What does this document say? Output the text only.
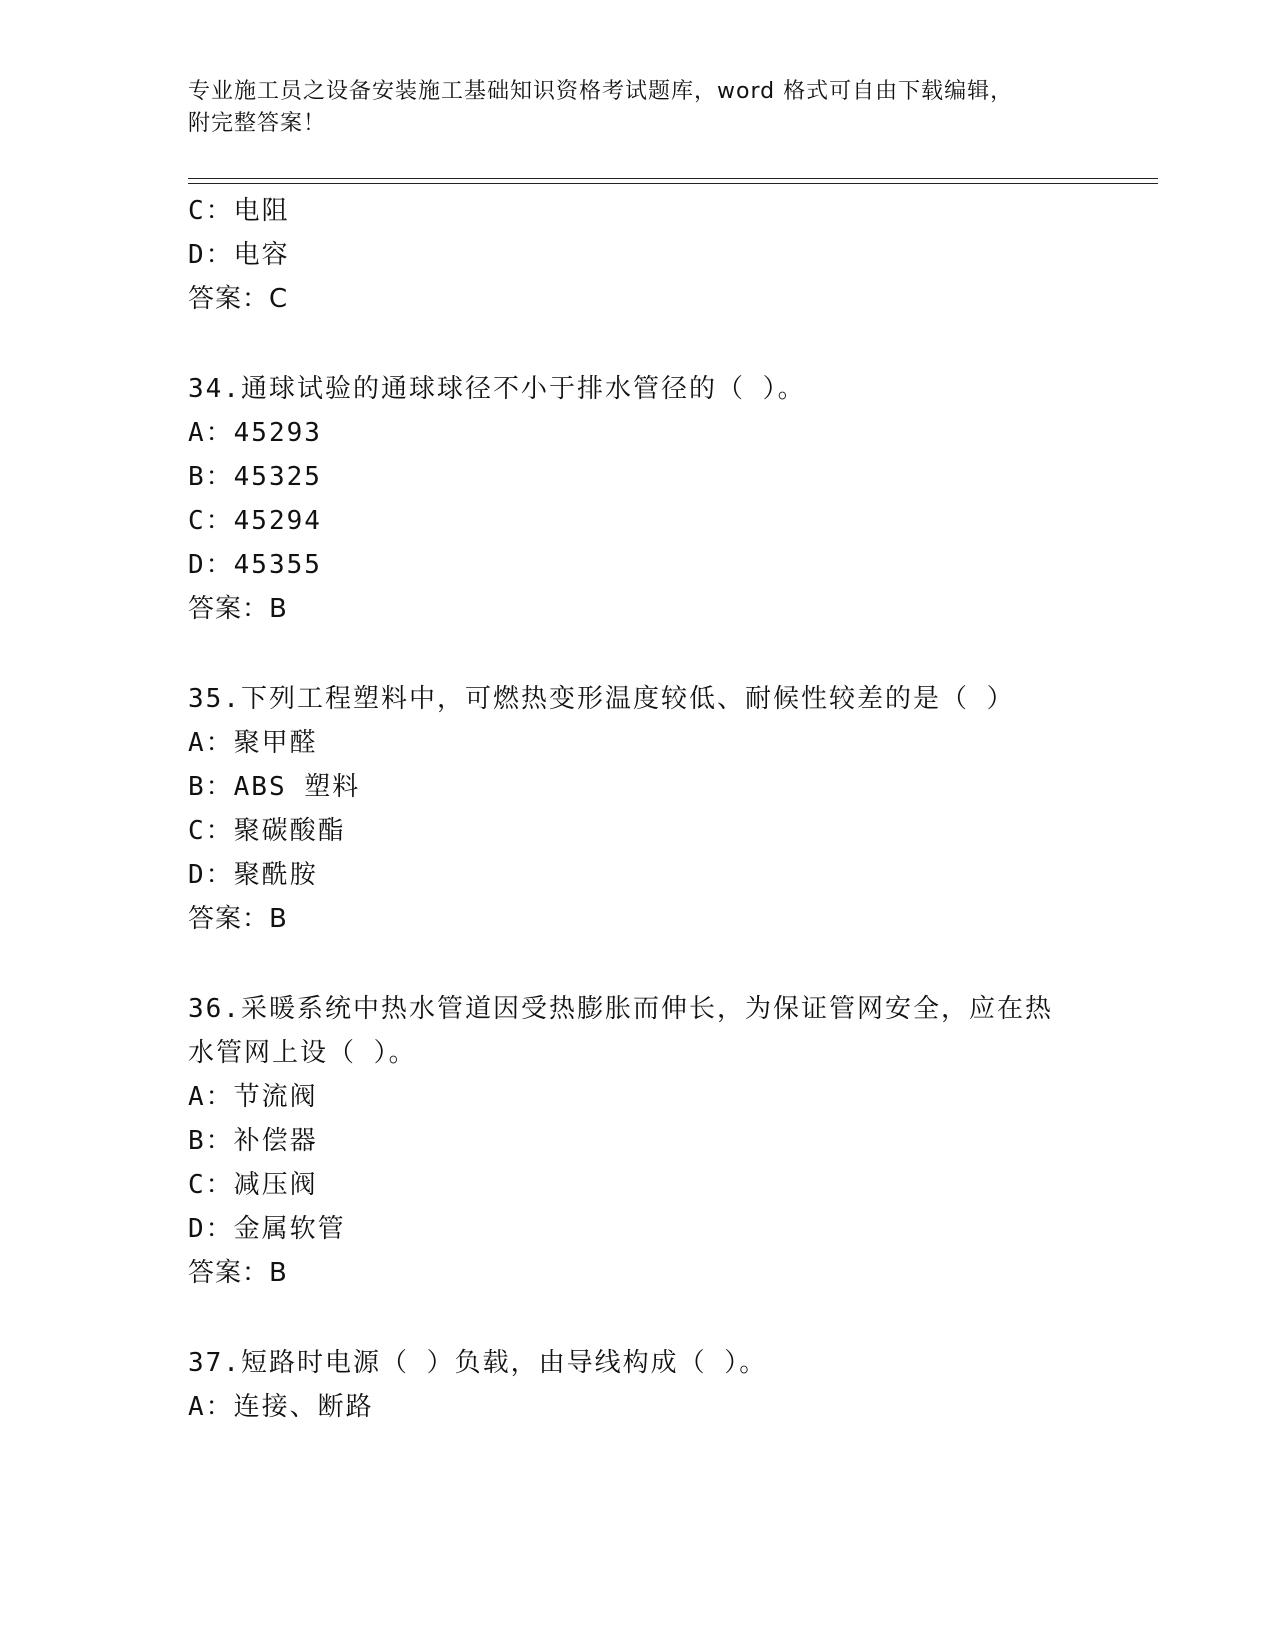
专业施工员之设备安装施工基础知识资格考试题库，word 格式可自由下载编辑，
附完整答案！
C：电阻
D：电容
答案：C
34.通球试验的通球球径不小于排水管径的（ ）。
A：45293
B：45325
C：45294
D：45355
答案：B
35.下列工程塑料中，可燃热变形温度较低、耐候性较差的是（ ）
A：聚甲醛
B：ABS 塑料
C：聚碳酸酯
D：聚酰胺
答案：B
36.采暖系统中热水管道因受热膨胀而伸长，为保证管网安全，应在热
水管网上设（ ）。
A：节流阀
B：补偿器
C：减压阀
D：金属软管
答案：B
37.短路时电源（ ）负载，由导线构成（ ）。
A：连接、断路
